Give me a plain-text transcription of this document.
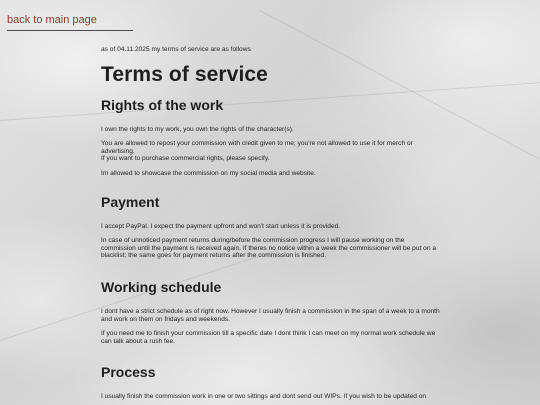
back to main page

as of 04.11.2025 my terms of service are as follows

Terms of service
Rights of the work

I own the rights to my work, you own the rights of the character(s).

You are allowed to repost your commission with credit given to me; you're not allowed to use it for merch or advertising.

If you want to purchase commercial rights, please specify.

Im allowed to showcase the commission on my social media and website.

Payment

I accept PayPal. I expect the payment upfront and won't start unless it is provided.

In case of unnoticed payment returns during/before the commission progress I will pause working on the commission until the payment is received again. If theres no notice within a week the commissioner will be put on a blacklist; the same goes for payment returns after the commission is finished.

Working schedule

I dont have a strict schedule as of right now. However I usually finish a commission in the span of a week to a month and work on them on fridays and weekends.

If you need me to finish your commission till a specific date I dont think I can meet on my normal work schedule we can talk about a rush fee.

Process

I usually finish the commission work in one or two sittings and dont send out WIPs. If you wish to be updated on
